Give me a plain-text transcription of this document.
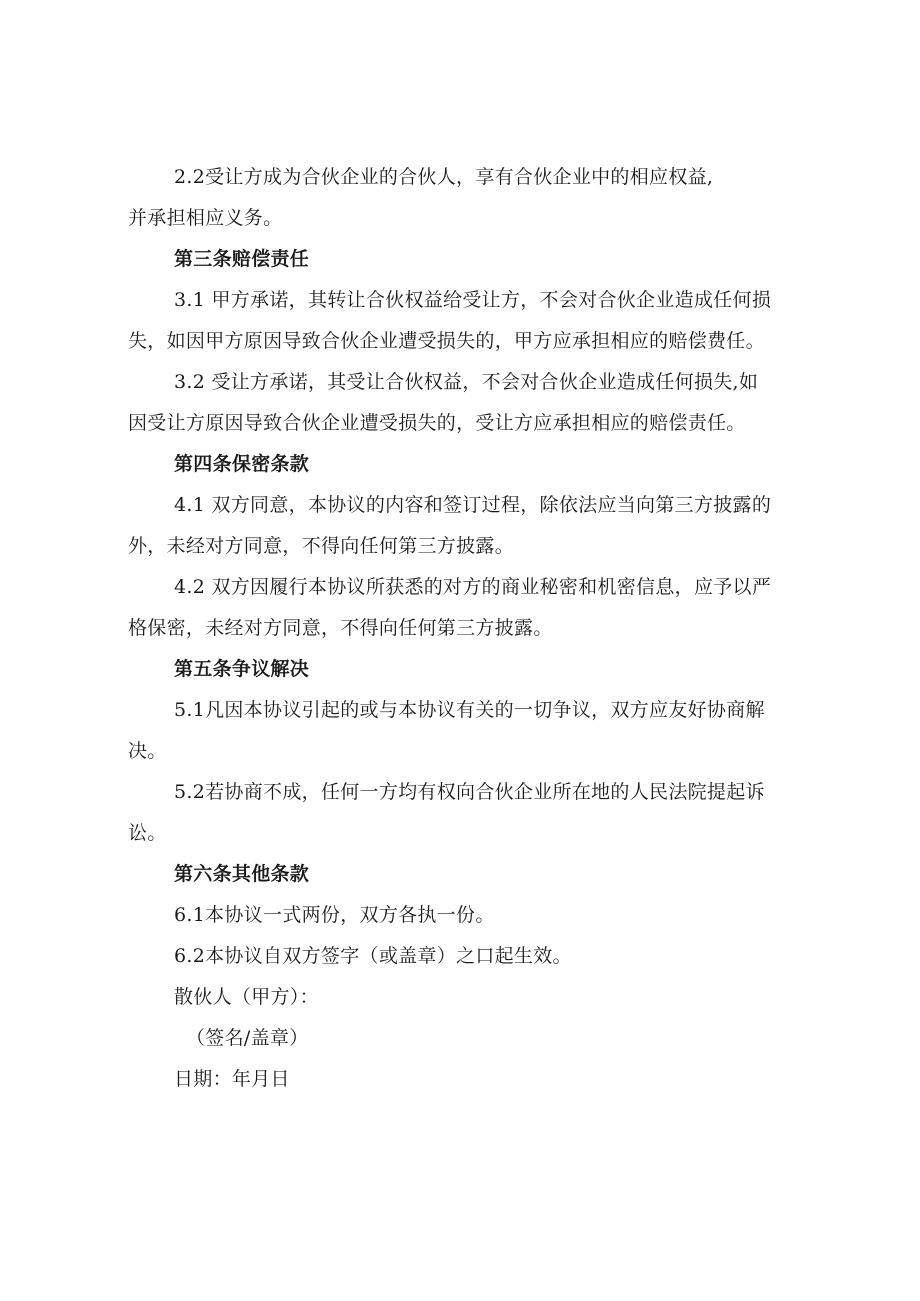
2.2受让方成为合伙企业的合伙人，享有合伙企业中的相应权益,

并承担相应义务。

第三条赔偿责任

3.1 甲方承诺，其转让合伙权益给受让方，不会对合伙企业造成任何损

失，如因甲方原因导致合伙企业遭受损失的，甲方应承担相应的赔偿费任。

3.2 受让方承诺，其受让合伙权益，不会对合伙企业造成任何损失,如

因受让方原因导致合伙企业遭受损失的，受让方应承担相应的赔偿责任。

第四条保密条款

4.1 双方同意，本协议的内容和签订过程，除依法应当向第三方披露的

外，未经对方同意，不得向任何第三方披露。

4.2 双方因履行本协议所获悉的对方的商业秘密和机密信息，应予以严

格保密，未经对方同意，不得向任何第三方披露。

第五条争议解决

5.1凡因本协议引起的或与本协议有关的一切争议，双方应友好协商解

决。

5.2若协商不成，任何一方均有权向合伙企业所在地的人民法院提起诉

讼。

第六条其他条款

6.1本协议一式两份，双方各执一份。

6.2本协议自双方签字（或盖章）之口起生效。

散伙人（甲方）：

（签名/盖章）

日期：年月日
